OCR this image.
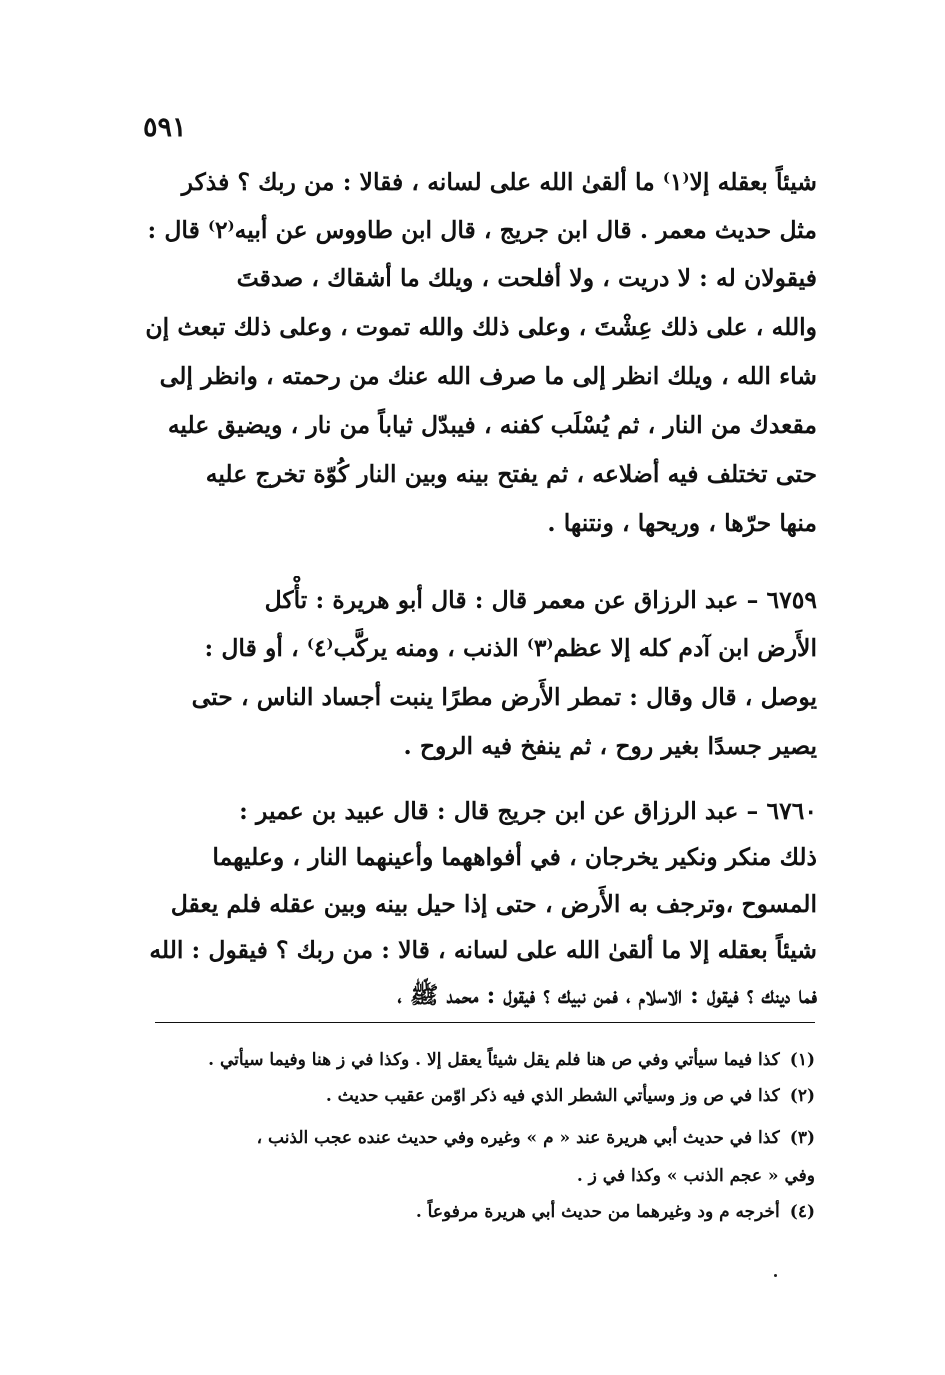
٥٩١
شيئاً بعقله إلا⁽١⁾ ما ألقىٰ الله على لسانه ، فقالا : من ربك ؟ فذكر
مثل حديث معمر . قال ابن جريج ، قال ابن طاووس عن أبيه⁽٢⁾ قال :
فيقولان له : لا دريت ، ولا أفلحت ، ويلك ما أشقاك ، صدقتَ
والله ، على ذلك عِشْتَ ، وعلى ذلك والله تموت ، وعلى ذلك تبعث إن
شاء الله ، ويلك انظر إلى ما صرف الله عنك من رحمته ، وانظر إلى
مقعدك من النار ، ثم يُسْلَب كفنه ، فيبدّل ثياباً من نار ، ويضيق عليه
حتى تختلف فيه أضلاعه ، ثم يفتح بينه وبين النار كُوّة تخرج عليه
منها حرّها ، وريحها ، ونتنها .
٦٧٥٩ – عبد الرزاق عن معمر قال : قال أبو هريرة : تأْكل
الأَرض ابن آدم كله إلا عظم⁽٣⁾ الذنب ، ومنه يركَّب⁽٤⁾ ، أو قال :
يوصل ، قال وقال : تمطر الأَرض مطرًا ينبت أجساد الناس ، حتى
يصير جسدًا بغير روح ، ثم ينفخ فيه الروح .
٦٧٦٠ – عبد الرزاق عن ابن جريج قال : قال عبيد بن عمير :
ذلك منكر ونكير يخرجان ، في أفواههما وأعينهما النار ، وعليهما
المسوح ،وترجف به الأَرض ، حتى إذا حيل بينه وبين عقله فلم يعقل
شيئاً بعقله إلا ما ألقىٰ الله على لسانه ، قالا : من ربك ؟ فيقول : الله
فما دينك ؟ فيقول : الاسلام ، فمن نبيك ؟ فيقول : محمد ﷺ ،
(١)كذا فيما سيأتي وفي ص هنا فلم يقل شيئاً يعقل إلا . وكذا في ز هنا وفيما سيأتي .
(٢)كذا في ص وز وسيأتي الشطر الذي فيه ذكر اوّمن عقيب حديث .
(٣)كذا في حديث أبي هريرة عند « م » وغيره وفي حديث عنده عجب الذنب ،
وفي « عجم الذنب » وكذا في ز .
(٤)أخرجه م ود وغيرهما من حديث أبي هريرة مرفوعاً .
